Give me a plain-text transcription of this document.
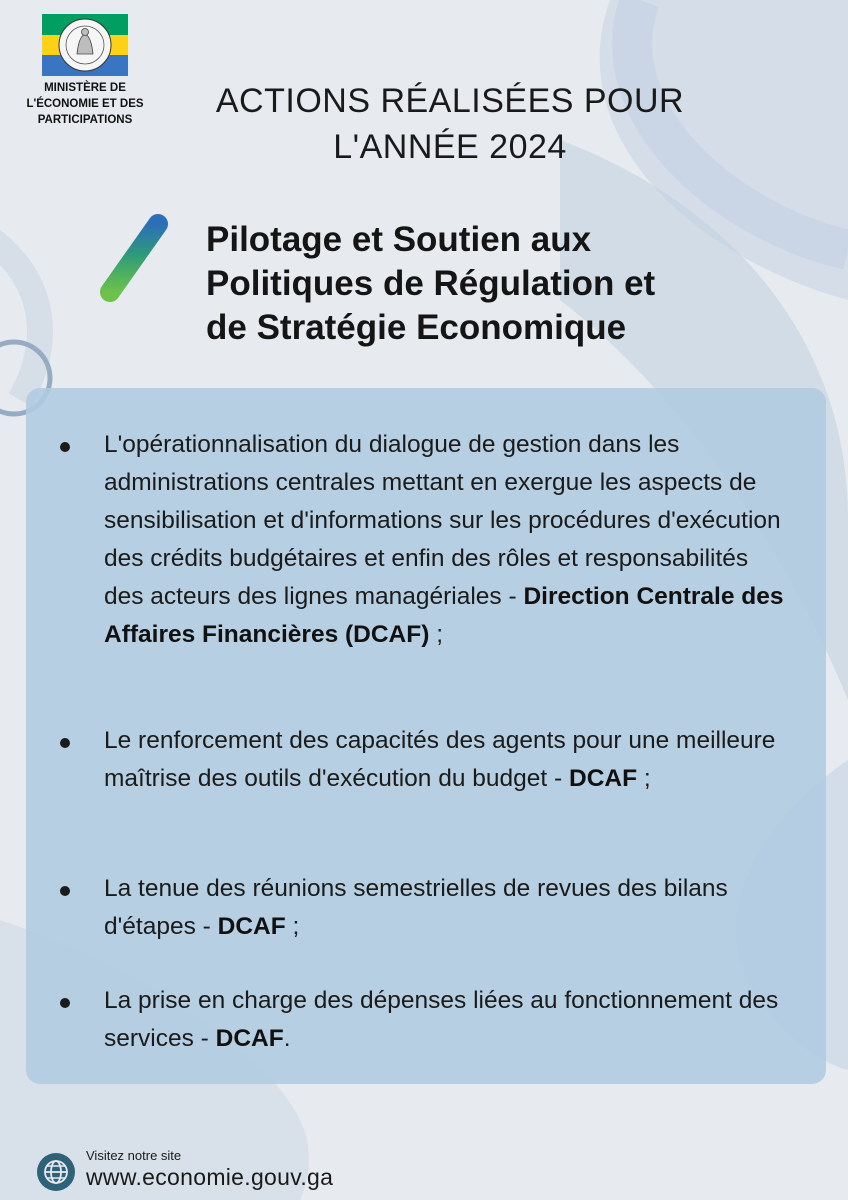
MINISTÈRE DE
L'ÉCONOMIE ET DES
PARTICIPATIONS	ACTIONS RÉALISÉES POUR
L'ANNÉE 2024
4
Pilotage et Soutien aux
Politiques de Régulation et
de Stratégie Economique
L'opérationnalisation du dialogue de gestion dans les administrations centrales mettant en exergue les aspects de sensibilisation et d'informations sur les procédures d'exécution des crédits budgétaires et enfin des rôles et responsabilités des acteurs des lignes managériales - Direction Centrale des Affaires Financières (DCAF) ;
Le renforcement des capacités des agents pour une meilleure maîtrise des outils d'exécution du budget - DCAF ;
La tenue des réunions semestrielles de revues des bilans d'étapes - DCAF ;
La prise en charge des dépenses liées au fonctionnement des services - DCAF.
Visitez notre site
www.economie.gouv.ga
